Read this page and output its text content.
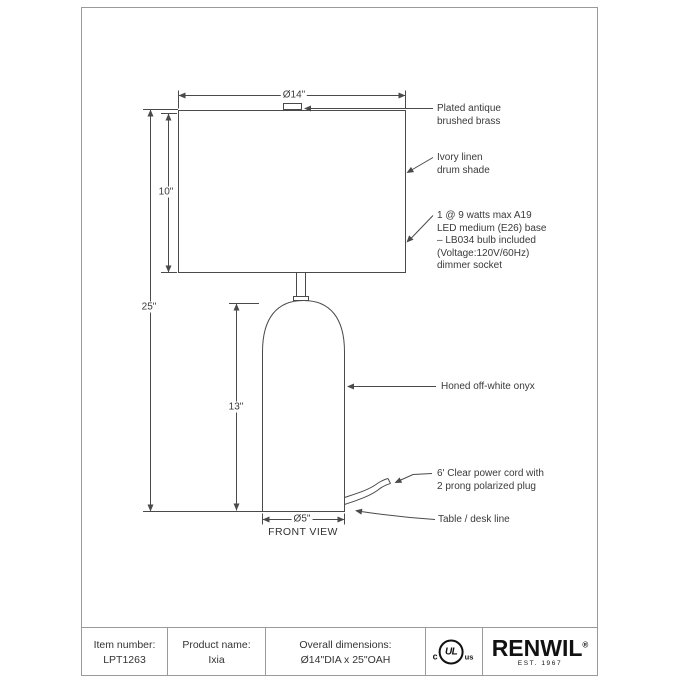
Ø14"
10"
25"
13"
Ø5"
FRONT VIEW
Plated antique
brushed brass
Ivory linen
drum shade
1 @ 9 watts max A19
LED medium (E26) base
– LB034 bulb included
(Voltage:120V/60Hz)
dimmer socket
Honed off-white onyx
6' Clear power cord with
2 prong polarized plug
Table / desk line
Item number:
LPT1263
Product name:
Ixia
Overall dimensions:
Ø14"DIA x 25"OAH	c UL us RENWIL®
EST. 1967
